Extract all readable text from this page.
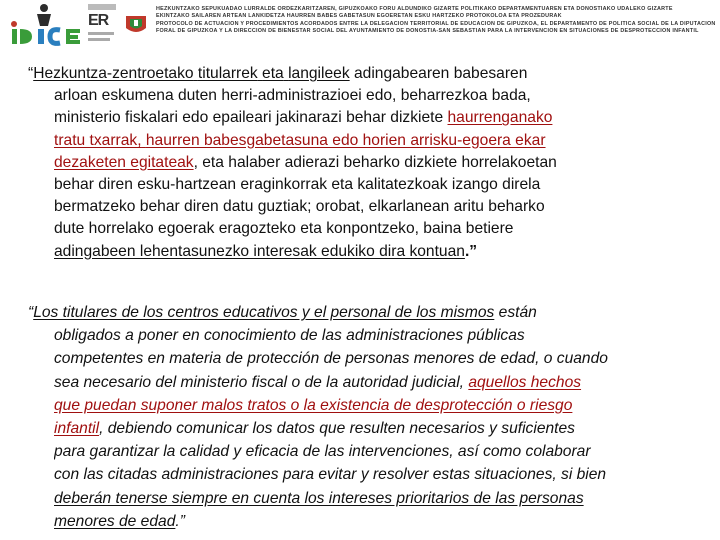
ER
HEZKUNTZAKO SEPUKUADAO LURRALDE ORDEZKARITZAREN, GIPUZKOAKO FORU ALDUNDIKO GIZARTE POLITIKAKO DEPARTAMENTUAREN ETA DONOSTIAKO UDALEKO GIZARTE
EKINTZAKO SAILAREN ARTEAN LANKIDETZA HAURREN BABES GABETASUN EGOERETAN ESKU HARTZEKO PROTOKOLOA ETA PROZEDURAK
PROTOCOLO DE ACTUACIÓN Y PROCEDIMIENTOS ACORDADOS ENTRE LA DELEGACIÓN TERRITORIAL DE EDUCACIÓN DE GIPUZKOA, EL DEPARTAMENTO DE POLÍTICA SOCIAL DE LA DIPUTACIÓN
FORAL DE GIPUZKOA Y LA DIRECCIÓN DE BIENESTAR SOCIAL DEL AYUNTAMIENTO DE DONOSTIA-SAN SEBASTIÁN PARA LA INTERVENCIÓN EN SITUACIONES DE DESPROTECCIÓN INFANTIL
“Hezkuntza-zentroetako titularrek eta langileek adingabearen babesaren
arloan eskumena duten herri-administrazioei edo, beharrezkoa bada,
ministerio fiskalari edo epaileari jakinarazi behar dizkiete haurrenganako
tratu txarrak, haurren babesgabetasuna edo horien arrisku-egoera ekar
dezaketen egitateak, eta halaber adierazi beharko dizkiete horrelakoetan
behar diren esku-hartzean eraginkorrak eta kalitatezkoak izango direla
bermatzeko behar diren datu guztiak; orobat, elkarlanean aritu beharko
dute horrelako egoerak eragozteko eta konpontzeko, baina betiere
adingabeen lehentasunezko interesak edukiko dira kontuan.”
“Los titulares de los centros educativos y el personal de los mismos están
obligados a poner en conocimiento de las administraciones públicas
competentes en materia de protección de personas menores de edad, o cuando
sea necesario del ministerio fiscal o de la autoridad judicial, aquellos hechos
que puedan suponer malos tratos o la existencia de desprotección o riesgo
infantil, debiendo comunicar los datos que resulten necesarios y suficientes
para garantizar la calidad y eficacia de las intervenciones, así como colaborar
con las citadas administraciones para evitar y resolver estas situaciones, si bien
deberán tenerse siempre en cuenta los intereses prioritarios de las personas
menores de edad.”
